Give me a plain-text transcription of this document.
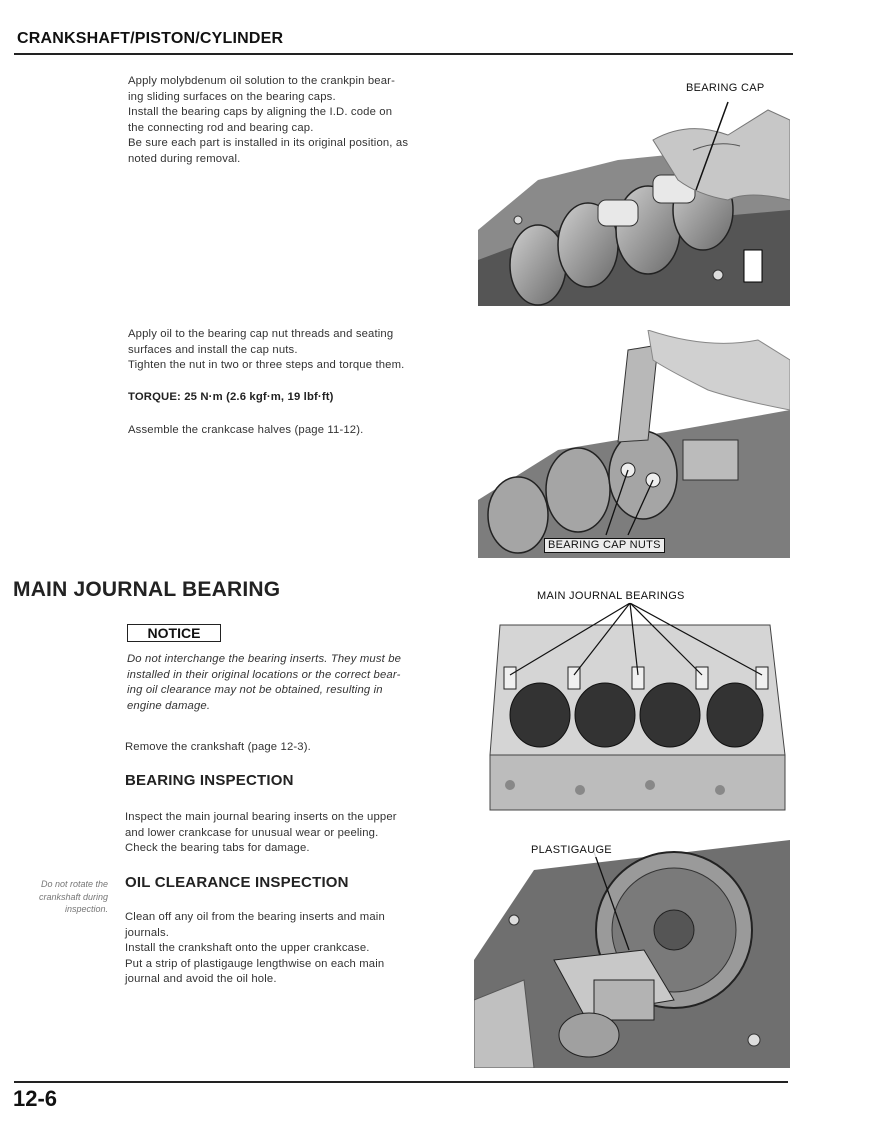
CRANKSHAFT/PISTON/CYLINDER

Apply molybdenum oil solution to the crankpin bear-

ing sliding surfaces on the bearing caps.

Install the bearing caps by aligning the I.D. code on

the connecting rod and bearing cap.

Be sure each part is installed in its original position, as

noted during removal.

BEARING CAP

Apply oil to the bearing cap nut threads and seating

surfaces and install the cap nuts.

Tighten the nut in two or three steps and torque them.

TORQUE: 25 N·m (2.6 kgf·m, 19 lbf·ft)
Assemble the crankcase halves (page 11-12).
BEARING CAP NUTS
MAIN JOURNAL BEARING
NOTICE
Do not interchange the bearing inserts. They must be
installed in their original locations or the correct bear-
ing oil clearance may not be obtained, resulting in
engine damage.
Remove the crankshaft (page 12-3).
MAIN JOURNAL BEARINGS
BEARING INSPECTION

Inspect the main journal bearing inserts on the upper

and lower crankcase for unusual wear or peeling.

Check the bearing tabs for damage.

Do not rotate the
crankshaft during
inspection.
OIL CLEARANCE INSPECTION

Clean off any oil from the bearing inserts and main

journals.

Install the crankshaft onto the upper crankcase.

Put a strip of plastigauge lengthwise on each main

journal and avoid the oil hole.

PLASTIGAUGE
12-6
